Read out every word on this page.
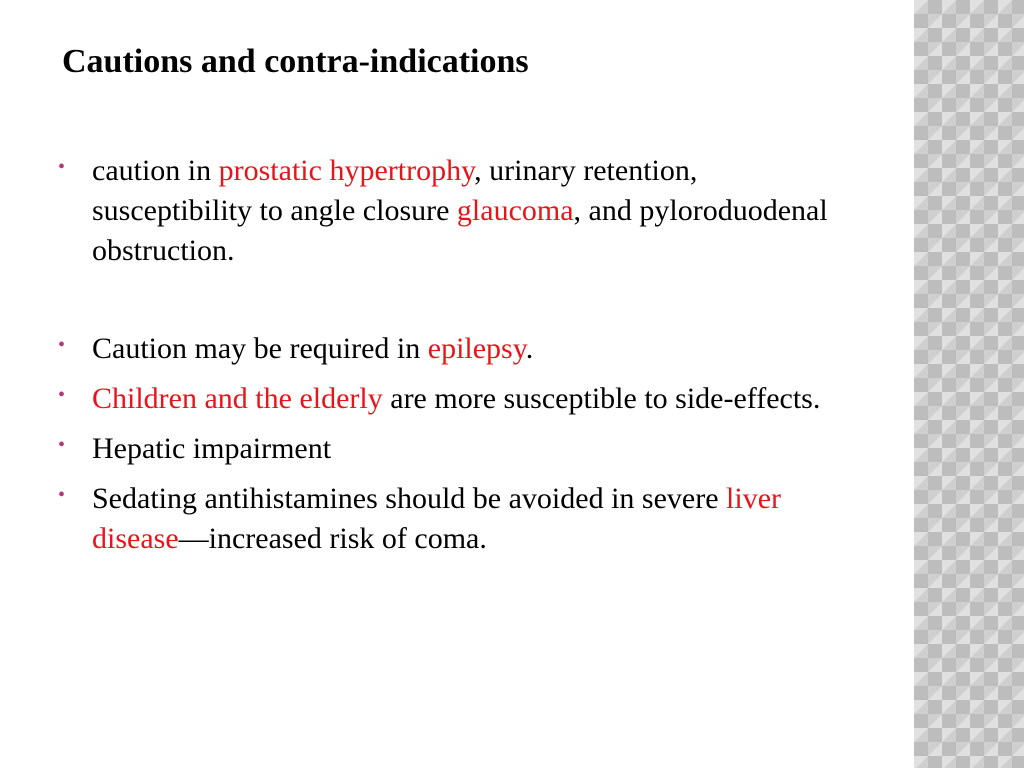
Cautions and contra-indications
• caution in prostatic hypertrophy, urinary retention, susceptibility to angle closure glaucoma, and pyloroduodenal obstruction.
• Caution may be required in epilepsy.
• Children and the elderly are more susceptible to side-effects.
• Hepatic impairment
• Sedating antihistamines should be avoided in severe liver disease—increased risk of coma.
